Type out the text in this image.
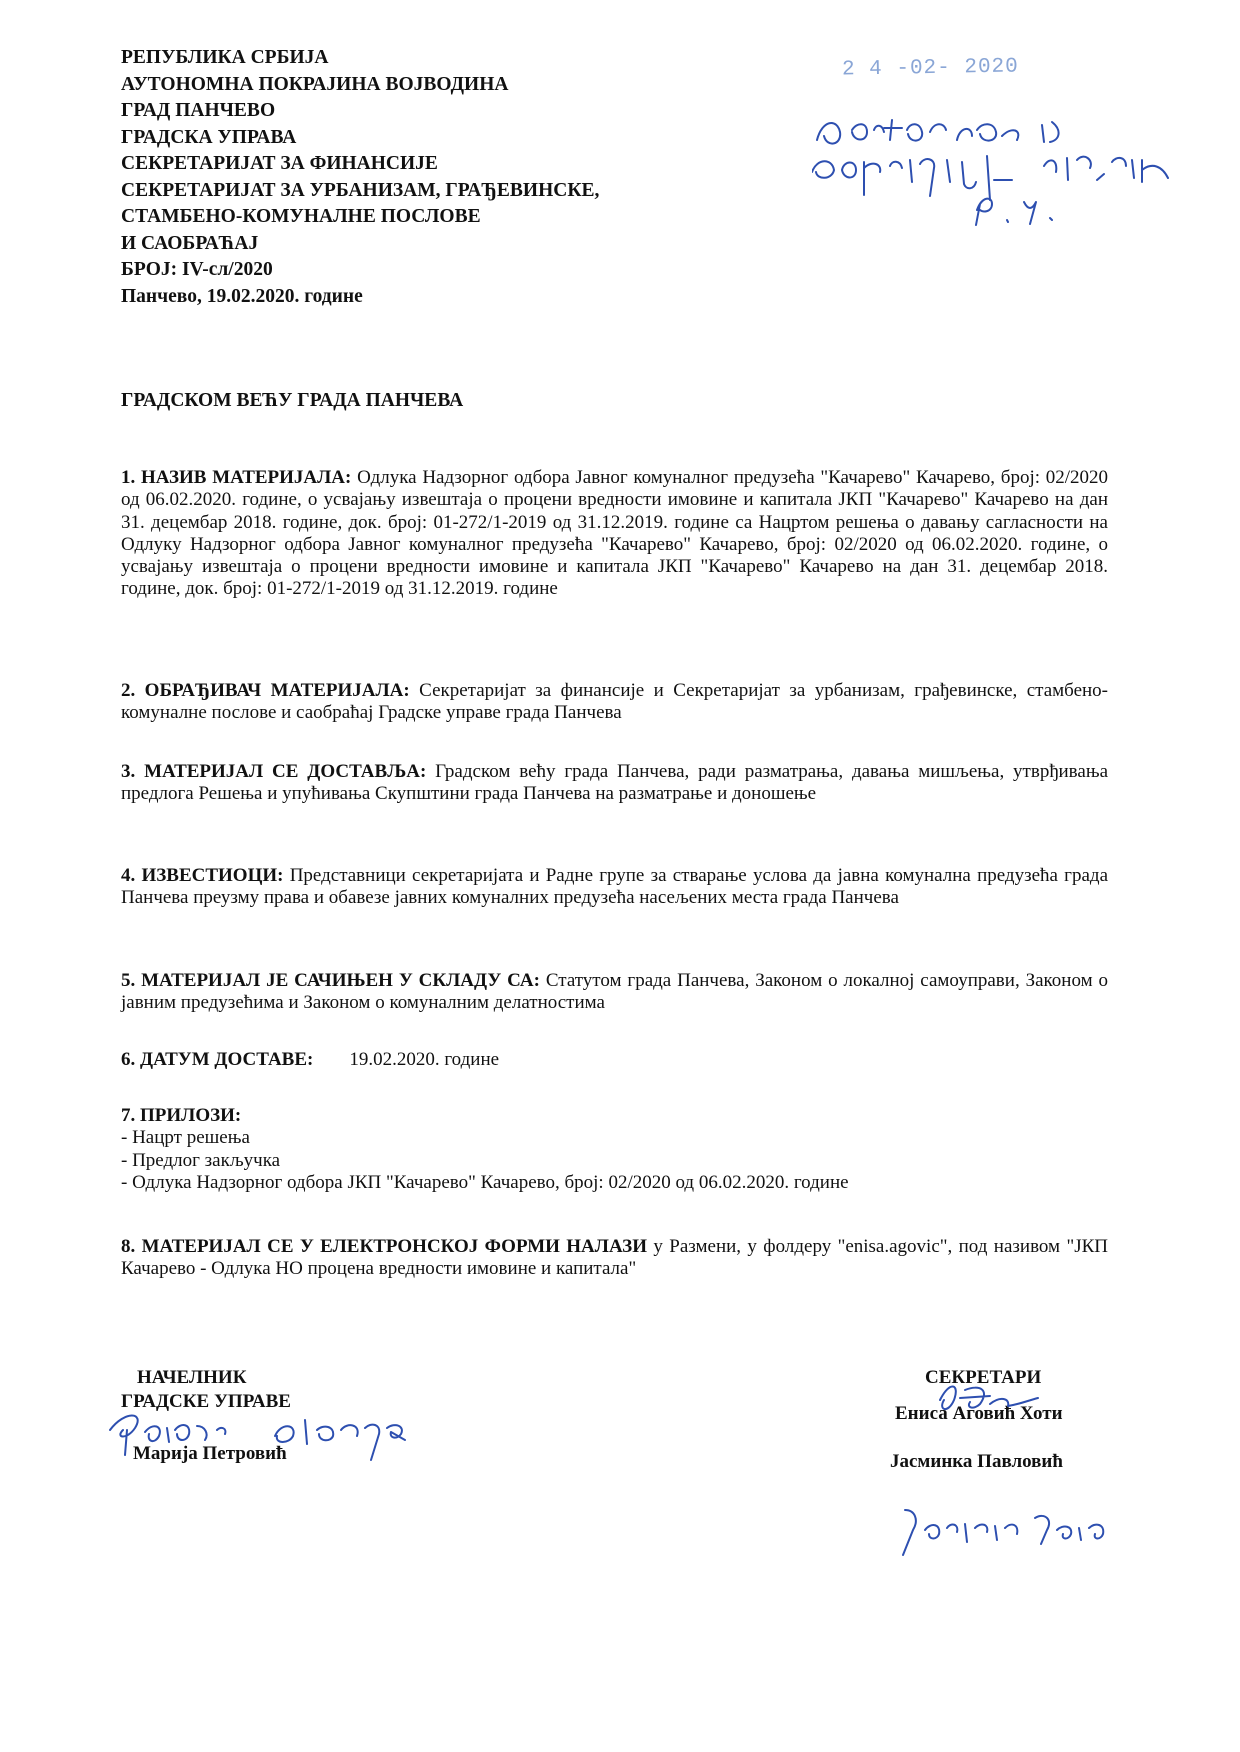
РЕПУБЛИКА СРБИЈА
АУТОНОМНА ПОКРАЈИНА ВОЈВОДИНА
ГРАД ПАНЧЕВО
ГРАДСКА УПРАВА
СЕКРЕТАРИЈАТ ЗА ФИНАНСИЈЕ
СЕКРЕТАРИЈАТ ЗА УРБАНИЗАМ, ГРАЂЕВИНСКЕ,
СТАМБЕНО-КОМУНАЛНЕ ПОСЛОВЕ
И САОБРАЋАЈ
БРОЈ: IV-сл/2020
Панчево, 19.02.2020. године
2 4 -02- 2020
ГРАДСКОМ ВЕЋУ ГРАДА ПАНЧЕВА

1. НАЗИВ МАТЕРИЈАЛА: Одлука Надзорног одбора Јавног комуналног предузећа "Качарево" Качарево, број: 02/2020 од 06.02.2020. године, о усвајању извештаја о процени вредности имовине и капитала ЈКП "Качарево" Качарево на дан 31. децембар 2018. године, док. број: 01-272/1-2019 од 31.12.2019. године са Нацртом решења о давању сагласности на Одлуку Надзорног одбора Јавног комуналног предузећа "Качарево" Качарево, број: 02/2020 од 06.02.2020. године, о усвајању извештаја о процени вредности имовине и капитала ЈКП "Качарево" Качарево на дан 31. децембар 2018. године, док. број: 01-272/1-2019 од 31.12.2019. године

2. ОБРАЂИВАЧ МАТЕРИЈАЛА: Секретаријат за финансије и Секретаријат за урбанизам, грађевинске, стамбено-комуналне послове и саобраћај Градске управе града Панчева

3. МАТЕРИЈАЛ СЕ ДОСТАВЉА: Градском већу града Панчева, ради разматрања, давања мишљења, утврђивања предлога Решења и упућивања Скупштини града Панчева на разматрање и доношење

4. ИЗВЕСТИОЦИ: Представници секретаријата и Радне групе за стварање услова да јавна комунална предузећа града Панчева преузму права и обавезе јавних комуналних предузећа насељених места града Панчева

5. МАТЕРИЈАЛ ЈЕ САЧИЊЕН У СКЛАДУ СА: Статутом града Панчева, Законом о локалној самоуправи, Законом о јавним предузећима и Законом о комуналним делатностима

6. ДАТУМ ДОСТАВЕ: 19.02.2020. године

7. ПРИЛОЗИ:

- Нацрт решења

- Предлог закључка

- Одлука Надзорног одбора ЈКП "Качарево" Качарево, број: 02/2020 од 06.02.2020. године

8. МАТЕРИЈАЛ СЕ У ЕЛЕКТРОНСКОЈ ФОРМИ НАЛАЗИ у Размени, у фолдеру "enisa.agovic", под називом "ЈКП Качарево - Одлука НО процена вредности имовине и капитала"

НАЧЕЛНИК
ГРАДСКЕ УПРАВЕ
Марија Петровић
СЕКРЕТАРИ
Ениса Аговић Хоти
Јасминка Павловић
